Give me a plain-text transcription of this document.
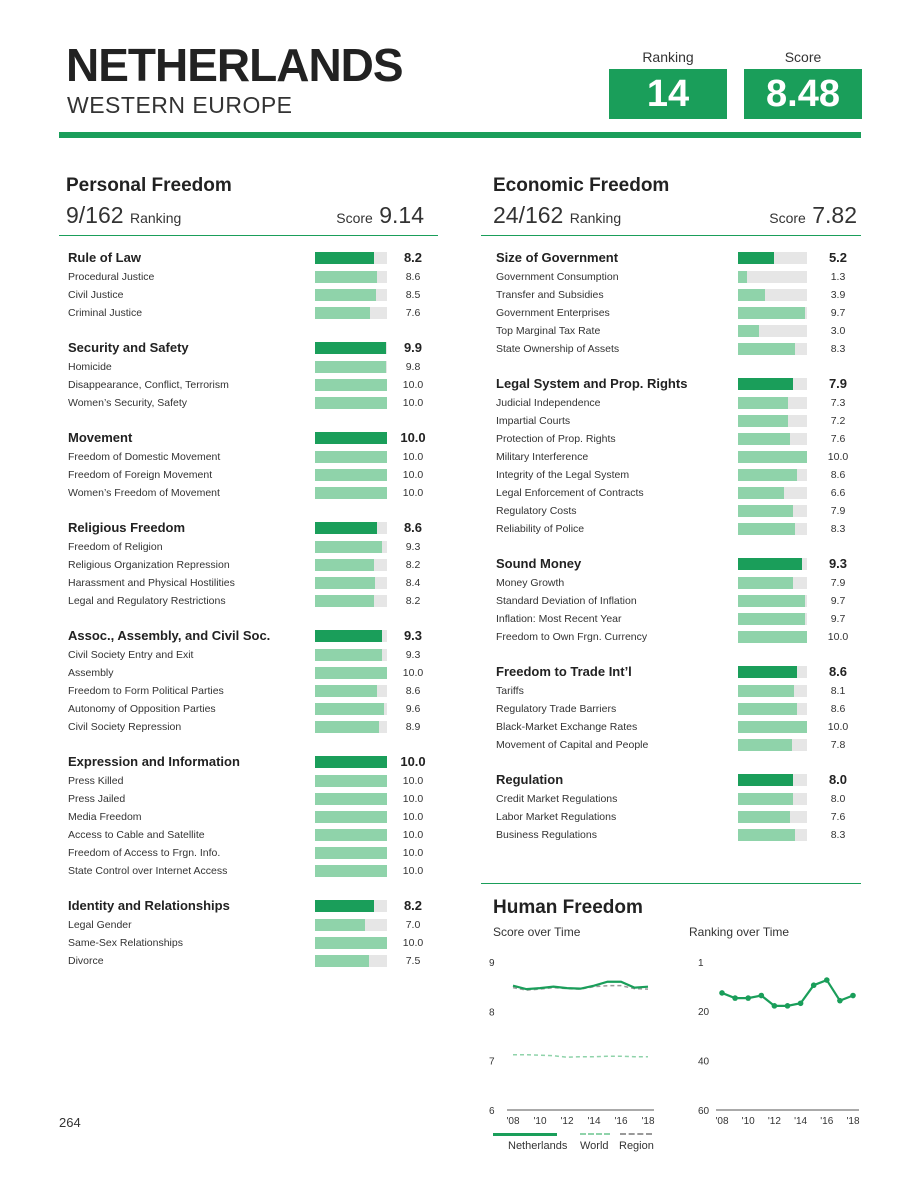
NETHERLANDS
WESTERN EUROPE
Ranking
14
Score
8.48
Personal Freedom
9/162 Ranking	Score 9.14
Rule of Law	8.2
Procedural Justice	8.6
Civil Justice	8.5
Criminal Justice	7.6
Security and Safety	9.9
Homicide	9.8
Disappearance, Conflict, Terrorism	10.0
Women’s Security, Safety	10.0
Movement	10.0
Freedom of Domestic Movement	10.0
Freedom of Foreign Movement	10.0
Women’s Freedom of Movement	10.0
Religious Freedom	8.6
Freedom of Religion	9.3
Religious Organization Repression	8.2
Harassment and Physical Hostilities	8.4
Legal and Regulatory Restrictions	8.2
Assoc., Assembly, and Civil Soc.	9.3
Civil Society Entry and Exit	9.3
Assembly	10.0
Freedom to Form Political Parties	8.6
Autonomy of Opposition Parties	9.6
Civil Society Repression	8.9
Expression and Information	10.0
Press Killed	10.0
Press Jailed	10.0
Media Freedom	10.0
Access to Cable and Satellite	10.0
Freedom of Access to Frgn. Info.	10.0
State Control over Internet Access	10.0
Identity and Relationships	8.2
Legal Gender	7.0
Same-Sex Relationships	10.0
Divorce	7.5
Economic Freedom
24/162 Ranking	Score 7.82
Size of Government	5.2
Government Consumption	1.3
Transfer and Subsidies	3.9
Government Enterprises	9.7
Top Marginal Tax Rate	3.0
State Ownership of Assets	8.3
Legal System and Prop. Rights	7.9
Judicial Independence	7.3
Impartial Courts	7.2
Protection of Prop. Rights	7.6
Military Interference	10.0
Integrity of the Legal System	8.6
Legal Enforcement of Contracts	6.6
Regulatory Costs	7.9
Reliability of Police	8.3
Sound Money	9.3
Money Growth	7.9
Standard Deviation of Inflation	9.7
Inflation: Most Recent Year	9.7
Freedom to Own Frgn. Currency	10.0
Freedom to Trade Int’l	8.6
Tariffs	8.1
Regulatory Trade Barriers	8.6
Black-Market Exchange Rates	10.0
Movement of Capital and People	7.8
Regulation	8.0
Credit Market Regulations	8.0
Labor Market Regulations	7.6
Business Regulations	8.3
Human Freedom
Score over Time	Ranking over Time
9
8
7
6
'08 '10 '12 '14 '16 '18
1
20
40
60
'08 '10 '12 '14 '16 '18
Netherlands World Region
264
